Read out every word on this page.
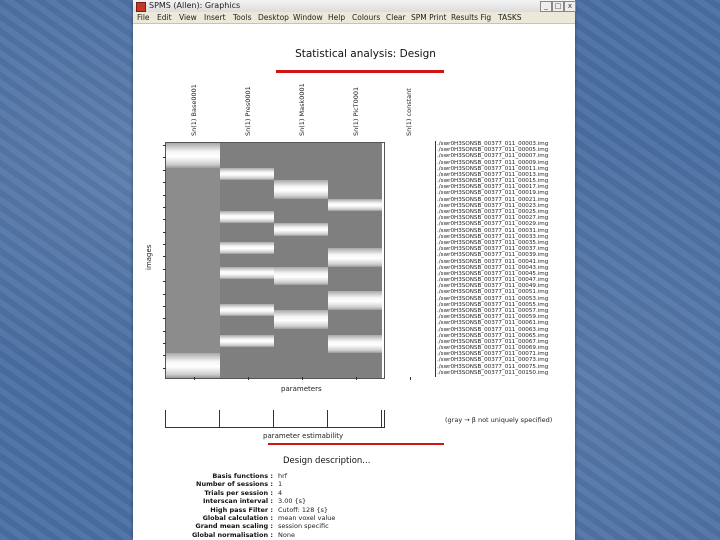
SPMS (Allen): Graphics	_ □ x
File Edit View Insert Tools Desktop Window Help Colours Clear SPM Print Results Fig TASKS
Statistical analysis: Design
Sn(1) Base0001	Sn(1) Pres0001	Sn(1) Mask0001	Sn(1) PicT0001	Sn(1) constant
images
parameters
./swr0H3SONSB_00377_011_00003.img
./swr0H3SONSB_00377_011_00005.img
./swr0H3SONSB_00377_011_00007.img
./swr0H3SONSB_00377_011_00009.img
./swr0H3SONSB_00377_011_00011.img
./swr0H3SONSB_00377_011_00013.img
./swr0H3SONSB_00377_011_00015.img
./swr0H3SONSB_00377_011_00017.img
./swr0H3SONSB_00377_011_00019.img
./swr0H3SONSB_00377_011_00021.img
./swr0H3SONSB_00377_011_00023.img
./swr0H3SONSB_00377_011_00025.img
./swr0H3SONSB_00377_011_00027.img
./swr0H3SONSB_00377_011_00029.img
./swr0H3SONSB_00377_011_00031.img
./swr0H3SONSB_00377_011_00033.img
./swr0H3SONSB_00377_011_00035.img
./swr0H3SONSB_00377_011_00037.img
./swr0H3SONSB_00377_011_00039.img
./swr0H3SONSB_00377_011_00041.img
./swr0H3SONSB_00377_011_00043.img
./swr0H3SONSB_00377_011_00045.img
./swr0H3SONSB_00377_011_00047.img
./swr0H3SONSB_00377_011_00049.img
./swr0H3SONSB_00377_011_00051.img
./swr0H3SONSB_00377_011_00053.img
./swr0H3SONSB_00377_011_00055.img
./swr0H3SONSB_00377_011_00057.img
./swr0H3SONSB_00377_011_00059.img
./swr0H3SONSB_00377_011_00061.img
./swr0H3SONSB_00377_011_00063.img
./swr0H3SONSB_00377_011_00065.img
./swr0H3SONSB_00377_011_00067.img
./swr0H3SONSB_00377_011_00069.img
./swr0H3SONSB_00377_011_00071.img
./swr0H3SONSB_00377_011_00073.img
./swr0H3SONSB_00377_011_00075.img
./swr0H3SONSB_00377_011_00150.img
parameter estimability
(gray → β not uniquely specified)
Design description...
Basis functions : hrf
Number of sessions : 1
Trials per session : 4
Interscan interval : 3.00 {s}
High pass Filter : Cutoff: 128 {s}
Global calculation : mean voxel value
Grand mean scaling : session specific
Global normalisation : None
